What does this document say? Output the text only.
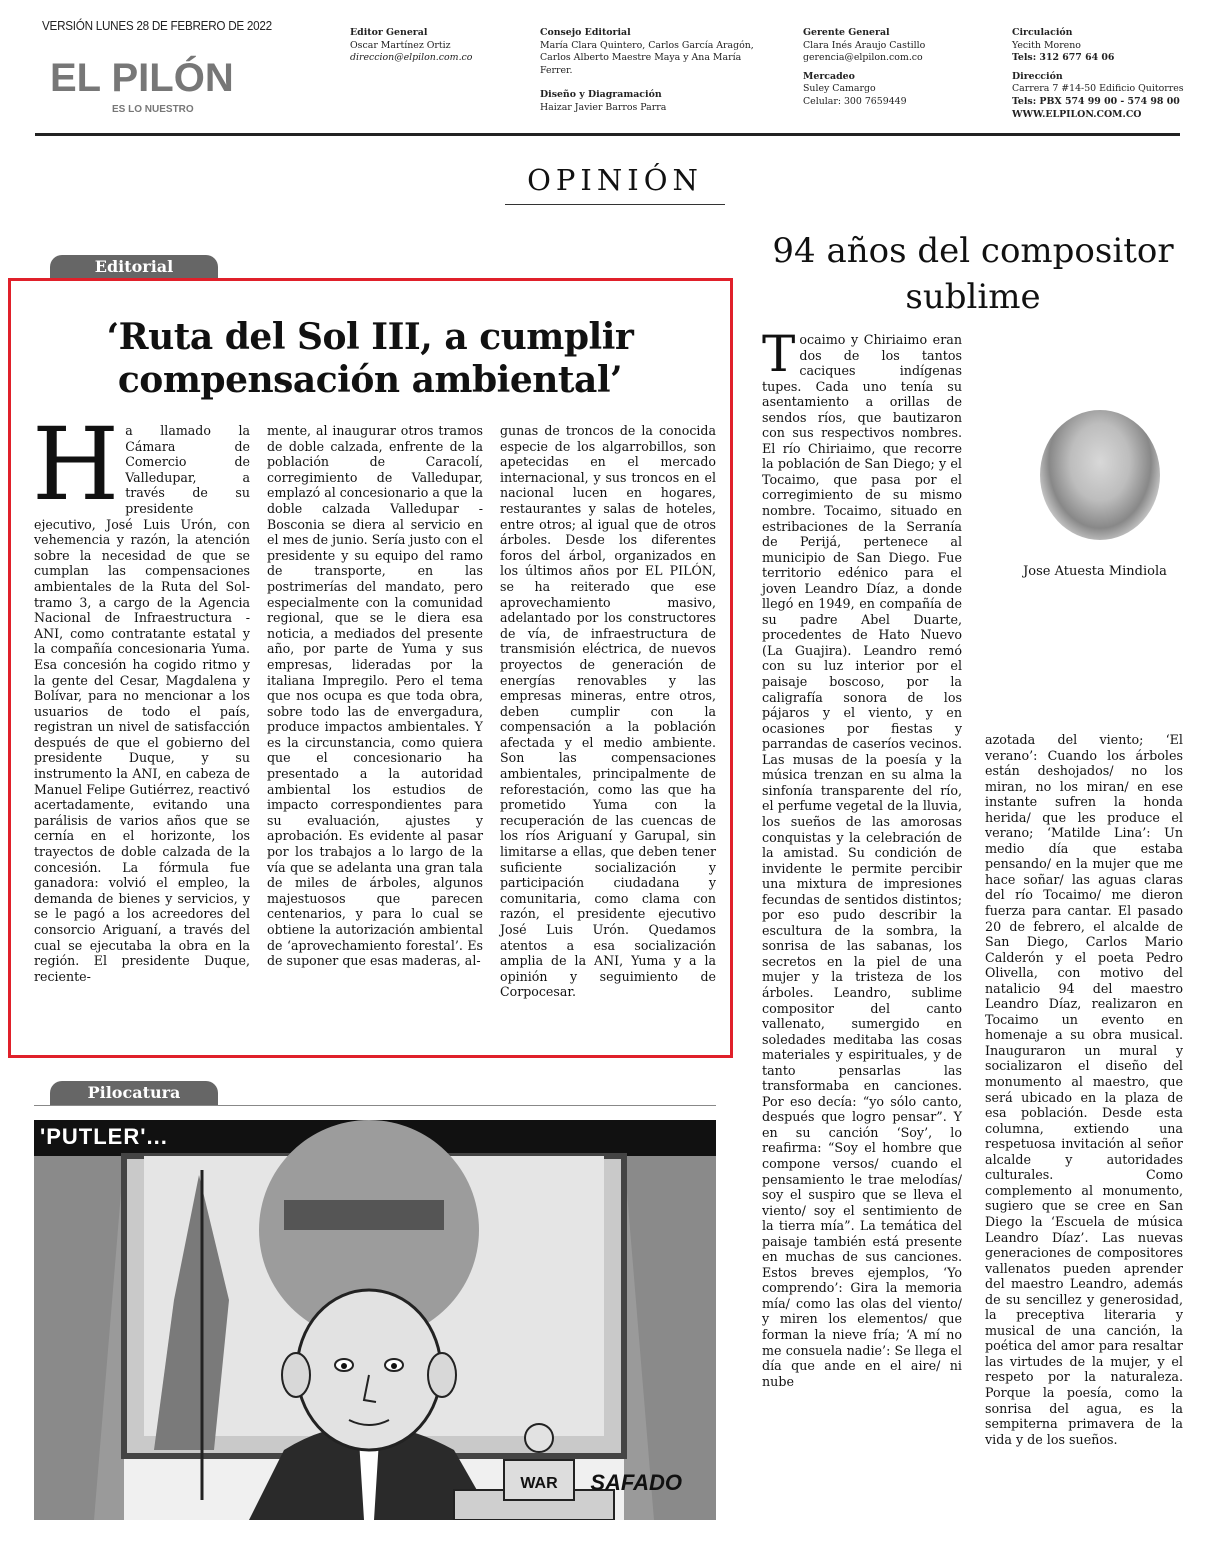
VERSIÓN LUNES 28 DE FEBRERO DE 2022
EL PILÓN
ES LO NUESTRO
Editor General
Oscar Martínez Ortiz
direccion@elpilon.com.co
Consejo Editorial
María Clara Quintero, Carlos García Aragón,
Carlos Alberto Maestre Maya y Ana María
Ferrer.
Diseño y Diagramación
Haizar Javier Barros Parra
Gerente General
Clara Inés Araujo Castillo
gerencia@elpilon.com.co
Mercadeo
Suley Camargo
Celular: 300 7659449
Circulación
Yecith Moreno
Tels: 312 677 64 06
Dirección
Carrera 7 #14-50 Edificio Quitorres
Tels: PBX 574 99 00 - 574 98 00
WWW.ELPILON.COM.CO
OPINIÓN
Editorial
‘Ruta del Sol III, a cumplir compensación ambiental’
H a llamado la Cámara de Comercio de Valledupar, a través de su presidente ejecutivo, José Luis Urón, con vehemencia y razón, la atención sobre la necesidad de que se cumplan las compensaciones ambientales de la Ruta del Sol- tramo 3, a cargo de la Agencia Nacional de Infraestructura - ANI, como contratante estatal y la compañía concesionaria Yuma. Esa concesión ha cogido ritmo y la gente del Cesar, Magdalena y Bolívar, para no mencionar a los usuarios de todo el país, registran un nivel de satisfacción después de que el gobierno del presidente Duque, y su instrumento la ANI, en cabeza de Manuel Felipe Gutiérrez, reactivó acertadamente, evitando una parálisis de varios años que se cernía en el horizonte, los trayectos de doble calzada de la concesión. La fórmula fue ganadora: volvió el empleo, la demanda de bienes y servicios, y se le pagó a los acreedores del consorcio Ariguaní, a través del cual se ejecutaba la obra en la región. El presidente Duque, reciente-

mente, al inaugurar otros tramos de doble calzada, enfrente de la población de Caracolí, corregimiento de Valledupar, emplazó al concesionario a que la doble calzada Valledupar - Bosconia se diera al servicio en el mes de junio. Sería justo con el presidente y su equipo del ramo de transporte, en las postrimerías del mandato, pero especialmente con la comunidad regional, que se le diera esa noticia, a mediados del presente año, por parte de Yuma y sus empresas, lideradas por la italiana Impregilo. Pero el tema que nos ocupa es que toda obra, sobre todo las de envergadura, produce impactos ambientales. Y es la circunstancia, como quiera que el concesionario ha presentado a la autoridad ambiental los estudios de impacto correspondientes para su evaluación, ajustes y aprobación. Es evidente al pasar por los trabajos a lo largo de la vía que se adelanta una gran tala de miles de árboles, algunos majestuosos que parecen centenarios, y para lo cual se obtiene la autorización ambiental de ‘aprovechamiento forestal’. Es de suponer que esas maderas, al-

gunas de troncos de la conocida especie de los algarrobillos, son apetecidas en el mercado internacional, y sus troncos en el nacional lucen en hogares, restaurantes y salas de hoteles, entre otros; al igual que de otros árboles. Desde los diferentes foros del árbol, organizados en los últimos años por EL PILÓN, se ha reiterado que ese aprovechamiento masivo, adelantado por los constructores de vía, de infraestructura de transmisión eléctrica, de nuevos proyectos de generación de energías renovables y las empresas mineras, entre otros, deben cumplir con la compensación a la población afectada y el medio ambiente. Son las compensaciones ambientales, principalmente de reforestación, como las que ha prometido Yuma con la recuperación de las cuencas de los ríos Ariguaní y Garupal, sin limitarse a ellas, que deben tener suficiente socialización y participación ciudadana y comunitaria, como clama con razón, el presidente ejecutivo José Luis Urón. Quedamos atentos a esa socialización amplia de la ANI, Yuma y a la opinión y seguimiento de Corpocesar.

Pilocatura
'PUTLER'...
WAR SAFADO
94 años del compositor sublime
Jose Atuesta Mindiola
T ocaimo y Chiriaimo eran dos de los tantos caciques indígenas tupes. Cada uno tenía su asentamiento a orillas de sendos ríos, que bautizaron con sus respectivos nombres. El río Chiriaimo, que recorre la población de San Diego; y el Tocaimo, que pasa por el corregimiento de su mismo nombre. Tocaimo, situado en estribaciones de la Serranía de Perijá, pertenece al municipio de San Diego. Fue territorio edénico para el joven Leandro Díaz, a donde llegó en 1949, en compañía de su padre Abel Duarte, procedentes de Hato Nuevo (La Guajira). Leandro remó con su luz interior por el paisaje boscoso, por la caligrafía sonora de los pájaros y el viento, y en ocasiones por fiestas y parrandas de caseríos vecinos. Las musas de la poesía y la música trenzan en su alma la sinfonía transparente del río, el perfume vegetal de la lluvia, los sueños de las amorosas conquistas y la celebración de la amistad. Su condición de invidente le permite percibir una mixtura de impresiones fecundas de sentidos distintos; por eso pudo describir la escultura de la sombra, la sonrisa de las sabanas, los secretos en la piel de una mujer y la tristeza de los árboles. Leandro, sublime compositor del canto vallenato, sumergido en soledades meditaba las cosas materiales y espirituales, y de tanto pensarlas las transformaba en canciones. Por eso decía: “yo sólo canto, después que logro pensar”. Y en su canción ‘Soy’, lo reafirma: “Soy el hombre que compone versos/ cuando el pensamiento le trae melodías/ soy el suspiro que se lleva el viento/ soy el sentimiento de la tierra mía”. La temática del paisaje también está presente en muchas de sus canciones. Estos breves ejemplos, ‘Yo comprendo’: Gira la memoria mía/ como las olas del viento/ y miren los elementos/ que forman la nieve fría; ‘A mí no me consuela nadie’: Se llega el día que ande en el aire/ ni nube

azotada del viento; ‘El verano’: Cuando los árboles están deshojados/ no los miran, no los miran/ en ese instante sufren la honda herida/ que les produce el verano; ‘Matilde Lina’: Un medio día que estaba pensando/ en la mujer que me hace soñar/ las aguas claras del río Tocaimo/ me dieron fuerza para cantar. El pasado 20 de febrero, el alcalde de San Diego, Carlos Mario Calderón y el poeta Pedro Olivella, con motivo del natalicio 94 del maestro Leandro Díaz, realizaron en Tocaimo un evento en homenaje a su obra musical. Inauguraron un mural y socializaron el diseño del monumento al maestro, que será ubicado en la plaza de esa población. Desde esta columna, extiendo una respetuosa invitación al señor alcalde y autoridades culturales. Como complemento al monumento, sugiero que se cree en San Diego la ‘Escuela de música Leandro Díaz’. Las nuevas generaciones de compositores vallenatos pueden aprender del maestro Leandro, además de su sencillez y generosidad, la preceptiva literaria y musical de una canción, la poética del amor para resaltar las virtudes de la mujer, y el respeto por la naturaleza. Porque la poesía, como la sonrisa del agua, es la sempiterna primavera de la vida y de los sueños.
